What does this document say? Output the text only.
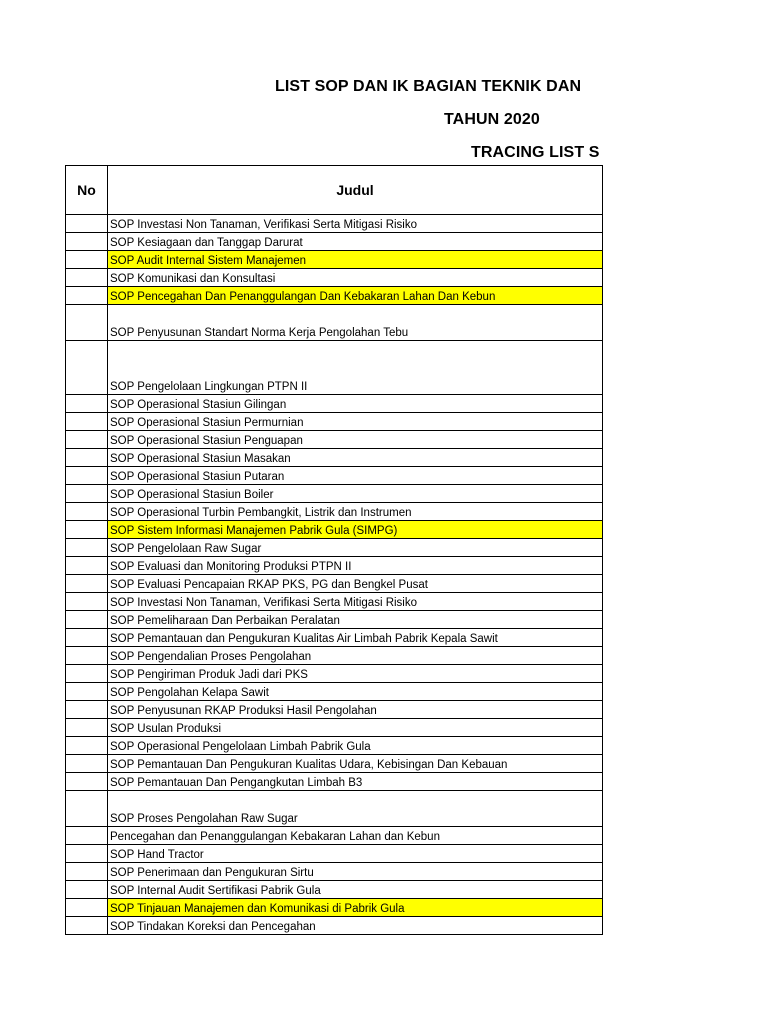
LIST SOP DAN IK BAGIAN TEKNIK DAN
TAHUN 2020
TRACING LIST S
No	Judul
	SOP Investasi Non Tanaman, Verifikasi Serta Mitigasi Risiko
	SOP Kesiagaan dan Tanggap Darurat
	SOP Audit Internal Sistem Manajemen
	SOP Komunikasi dan Konsultasi
	SOP Pencegahan Dan Penanggulangan Dan Kebakaran Lahan Dan Kebun
	SOP Penyusunan Standart Norma Kerja Pengolahan Tebu
	SOP Pengelolaan Lingkungan PTPN II
	SOP Operasional Stasiun Gilingan
	SOP Operasional Stasiun Permurnian
	SOP Operasional Stasiun Penguapan
	SOP Operasional Stasiun Masakan
	SOP Operasional Stasiun Putaran
	SOP Operasional Stasiun Boiler
	SOP Operasional Turbin Pembangkit, Listrik dan Instrumen
	SOP Sistem Informasi Manajemen Pabrik Gula (SIMPG)
	SOP Pengelolaan Raw Sugar
	SOP Evaluasi dan Monitoring Produksi PTPN II
	SOP Evaluasi Pencapaian RKAP PKS, PG dan Bengkel Pusat
	SOP Investasi Non Tanaman, Verifikasi Serta Mitigasi Risiko
	SOP Pemeliharaan Dan Perbaikan Peralatan
	SOP Pemantauan dan Pengukuran Kualitas Air Limbah Pabrik Kepala Sawit
	SOP Pengendalian Proses Pengolahan
	SOP Pengiriman Produk Jadi dari PKS
	SOP Pengolahan Kelapa Sawit
	SOP Penyusunan RKAP Produksi Hasil Pengolahan
	SOP Usulan Produksi
	SOP Operasional Pengelolaan Limbah Pabrik Gula
	SOP Pemantauan Dan Pengukuran Kualitas Udara, Kebisingan Dan Kebauan
	SOP Pemantauan Dan Pengangkutan Limbah B3
	SOP Proses Pengolahan Raw Sugar
	Pencegahan dan Penanggulangan Kebakaran Lahan dan Kebun
	SOP Hand Tractor
	SOP Penerimaan dan Pengukuran Sirtu
	SOP Internal Audit Sertifikasi Pabrik Gula
	SOP Tinjauan Manajemen dan Komunikasi di Pabrik Gula
	SOP Tindakan Koreksi dan Pencegahan
